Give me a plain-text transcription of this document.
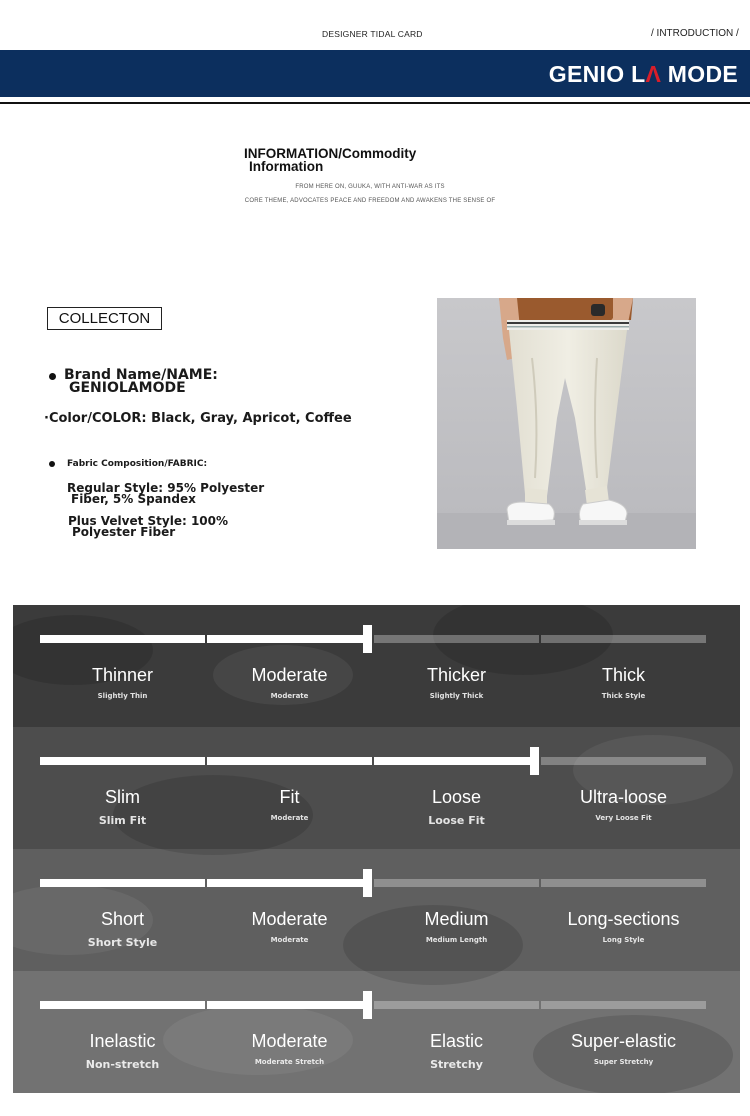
DESIGNER TIDAL CARD	/ INTRODUCTION /
GENIO LΛ MODE
INFORMATION/Commodity
Information
FROM HERE ON, GUUKA, WITH ANTI-WAR AS ITS
CORE THEME, ADVOCATES PEACE AND FREEDOM AND AWAKENS THE SENSE OF
COLLECTON
Brand Name/NAME:
GENIOLAMODE
·Color/COLOR: Black, Gray, Apricot, Coffee
Fabric Composition/FABRIC:
Regular Style: 95% Polyester
Fiber, 5% Spandex
Plus Velvet Style: 100%
Polyester Fiber
Thinner
Slightly Thin
Moderate
Moderate
Thicker
Slightly Thick
Thick
Thick Style
Slim
Slim Fit
Fit
Moderate
Loose
Loose Fit
Ultra-loose
Very Loose Fit
Short
Short Style
Moderate
Moderate
Medium
Medium Length
Long-sections
Long Style
Inelastic
Non-stretch
Moderate
Moderate Stretch
Elastic
Stretchy
Super-elastic
Super Stretchy
